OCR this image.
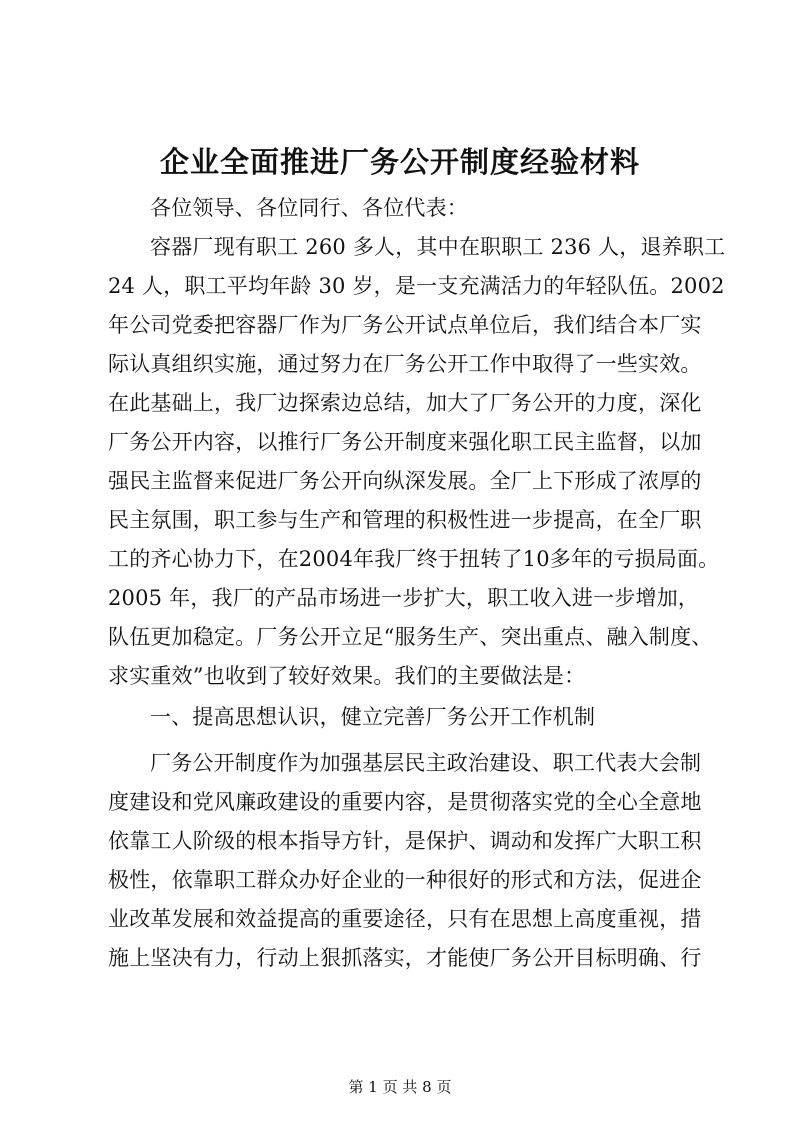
企业全面推进厂务公开制度经验材料
各位领导、各位同行、各位代表：
容器厂现有职工 260 多人，其中在职职工 236 人，退养职工
24 人，职工平均年龄 30 岁，是一支充满活力的年轻队伍。2002
年公司党委把容器厂作为厂务公开试点单位后，我们结合本厂实
际认真组织实施，通过努力在厂务公开工作中取得了一些实效。
在此基础上，我厂边探索边总结，加大了厂务公开的力度，深化
厂务公开内容，以推行厂务公开制度来强化职工民主监督，以加
强民主监督来促进厂务公开向纵深发展。全厂上下形成了浓厚的
民主氛围，职工参与生产和管理的积极性进一步提高，在全厂职
工的齐心协力下，在2004年我厂终于扭转了10多年的亏损局面。
2005 年，我厂的产品市场进一步扩大，职工收入进一步增加，
队伍更加稳定。厂务公开立足“服务生产、突出重点、融入制度、
求实重效”也收到了较好效果。我们的主要做法是：
一、提高思想认识，健立完善厂务公开工作机制
厂务公开制度作为加强基层民主政治建设、职工代表大会制
度建设和党风廉政建设的重要内容，是贯彻落实党的全心全意地
依靠工人阶级的根本指导方针，是保护、调动和发挥广大职工积
极性，依靠职工群众办好企业的一种很好的形式和方法，促进企
业改革发展和效益提高的重要途径，只有在思想上高度重视，措
施上坚决有力，行动上狠抓落实，才能使厂务公开目标明确、行
第 1 页 共 8 页
